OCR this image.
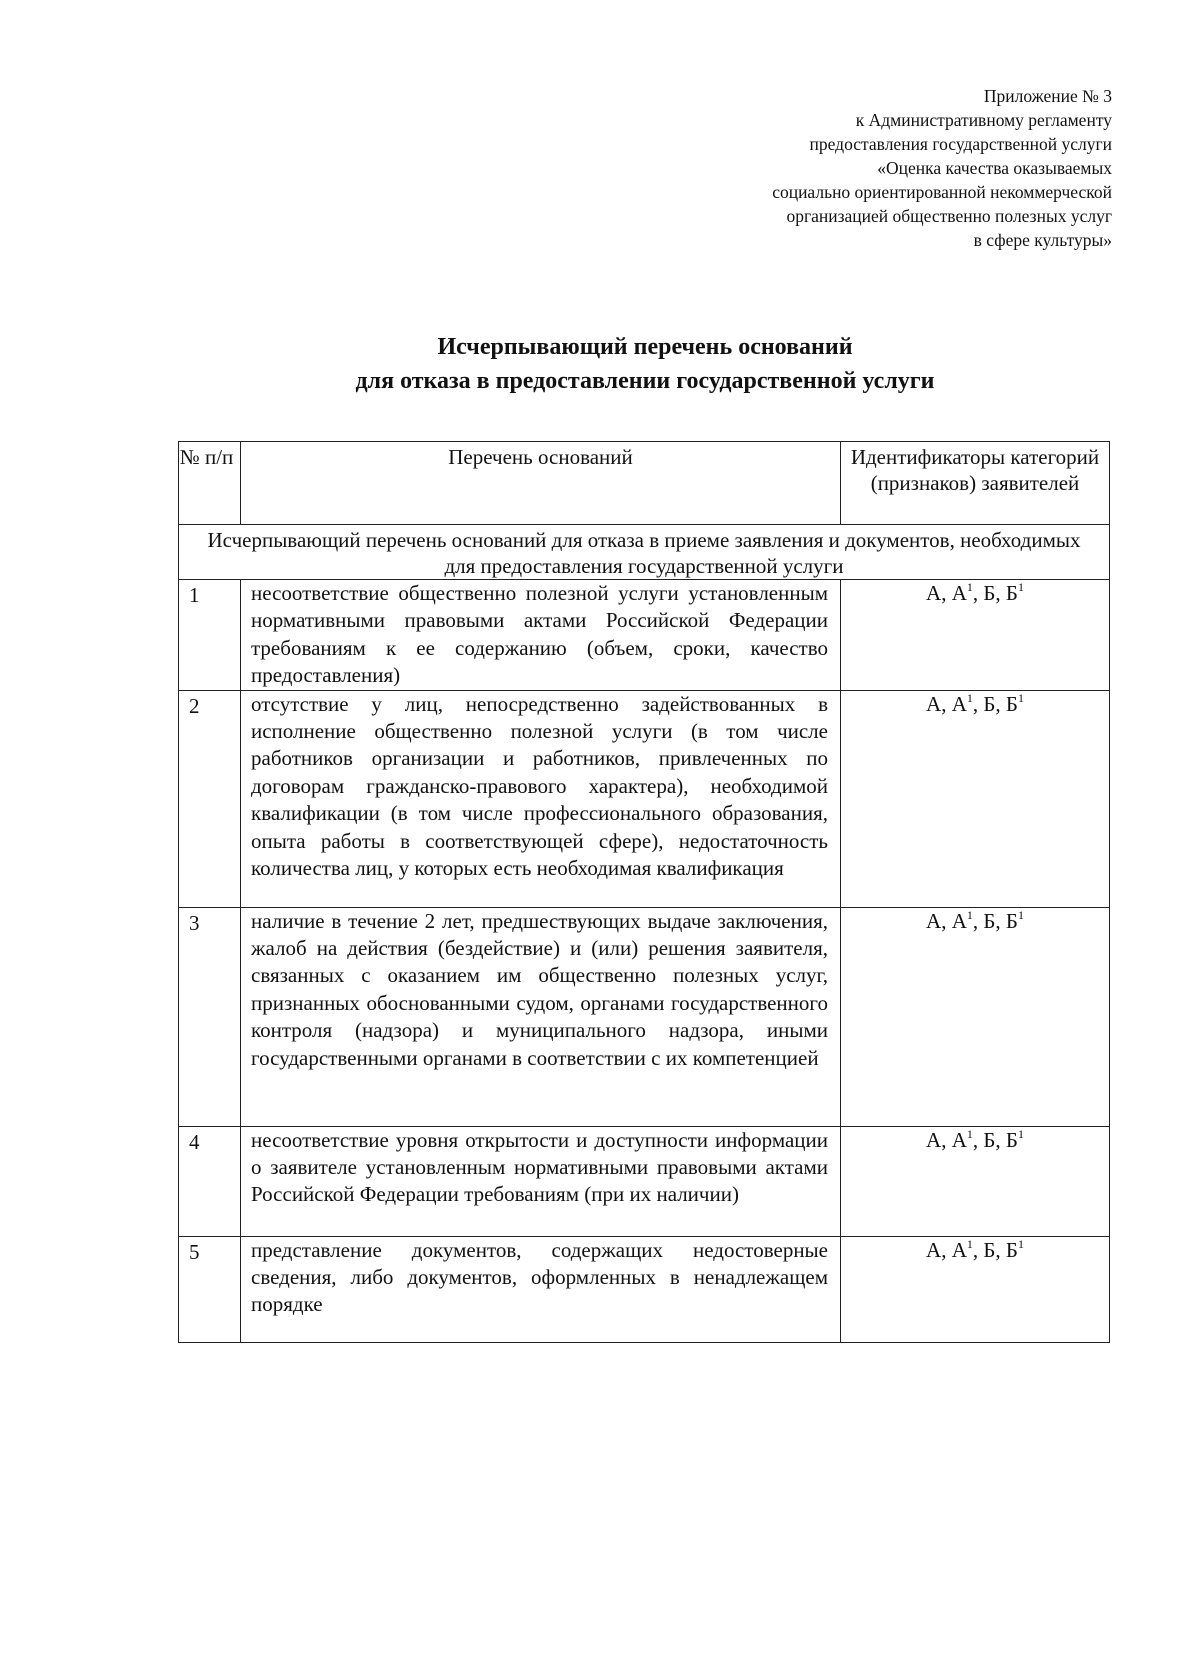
Приложение № 3
к Административному регламенту
предоставления государственной услуги
«Оценка качества оказываемых
социально ориентированной некоммерческой
организацией общественно полезных услуг
в сфере культуры»
Исчерпывающий перечень оснований
для отказа в предоставлении государственной услуги
№ п/п	Перечень оснований	Идентификаторы категорий (признаков) заявителей
Исчерпывающий перечень оснований для отказа в приеме заявления и документов, необходимых для предоставления государственной услуги		
1	несоответствие общественно полезной услуги установленным нормативными правовыми актами Российской Федерации требованиям к ее содержанию (объем, сроки, качество предоставления)	А, $А^1$, Б, $Б^1$
2	отсутствие у лиц, непосредственно задействованных в исполнение общественно полезной услуги (в том числе работников организации и работников, привлеченных по договорам гражданско-правового характера), необходимой квалификации (в том числе профессионального образования, опыта работы в соответствующей сфере), недостаточность количества лиц, у которых есть необходимая квалификация	А, $А^1$, Б, $Б^1$
3	наличие в течение 2 лет, предшествующих выдаче заключения, жалоб на действия (бездействие) и (или) решения заявителя, связанных с оказанием им общественно полезных услуг, признанных обоснованными судом, органами государственного контроля (надзора) и муниципального надзора, иными государственными органами в соответствии с их компетенцией	А, $А^1$, Б, $Б^1$
4	несоответствие уровня открытости и доступности информации о заявителе установленным нормативными правовыми актами Российской Федерации требованиям (при их наличии)	А, $А^1$, Б, $Б^1$
5	представление документов, содержащих недостоверные сведения, либо документов, оформленных в ненадлежащем порядке	А, $А^1$, Б, $Б^1$
